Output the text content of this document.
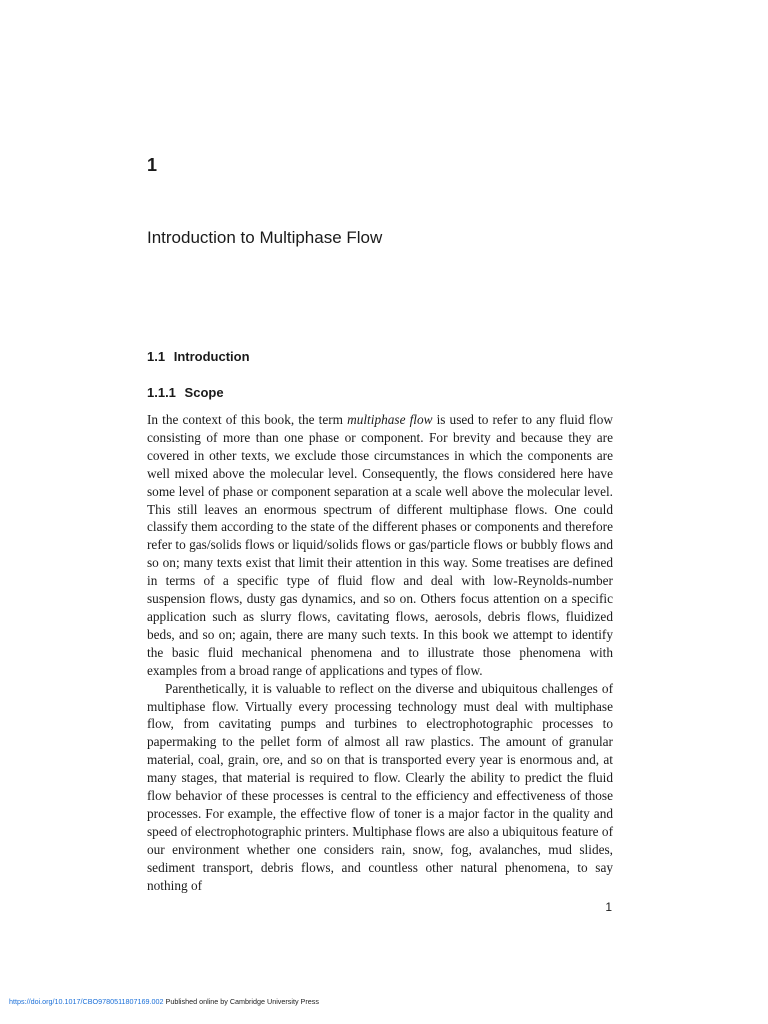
1
Introduction to Multiphase Flow
1.1 Introduction
1.1.1 Scope

In the context of this book, the term multiphase flow is used to refer to any fluid flow consisting of more than one phase or component. For brevity and because they are covered in other texts, we exclude those circumstances in which the components are well mixed above the molecular level. Consequently, the flows considered here have some level of phase or component separation at a scale well above the molecular level. This still leaves an enormous spectrum of different multiphase flows. One could classify them according to the state of the different phases or components and therefore refer to gas/solids flows or liquid/solids flows or gas/particle flows or bubbly flows and so on; many texts exist that limit their attention in this way. Some treatises are defined in terms of a specific type of fluid flow and deal with low-Reynolds-number suspension flows, dusty gas dynamics, and so on. Others focus attention on a specific application such as slurry flows, cavitating flows, aerosols, debris flows, fluidized beds, and so on; again, there are many such texts. In this book we attempt to identify the basic fluid mechanical phenomena and to illustrate those phenomena with examples from a broad range of applications and types of flow.

Parenthetically, it is valuable to reflect on the diverse and ubiquitous challenges of multiphase flow. Virtually every processing technology must deal with multiphase flow, from cavitating pumps and turbines to electrophotographic processes to papermaking to the pellet form of almost all raw plastics. The amount of granular material, coal, grain, ore, and so on that is transported every year is enormous and, at many stages, that material is required to flow. Clearly the ability to predict the fluid flow behavior of these processes is central to the efficiency and effectiveness of those processes. For example, the effective flow of toner is a major factor in the quality and speed of electrophotographic printers. Multiphase flows are also a ubiquitous feature of our environment whether one considers rain, snow, fog, avalanches, mud slides, sediment transport, debris flows, and countless other natural phenomena, to say nothing of

1
https://doi.org/10.1017/CBO9780511807169.002 Published online by Cambridge University Press
